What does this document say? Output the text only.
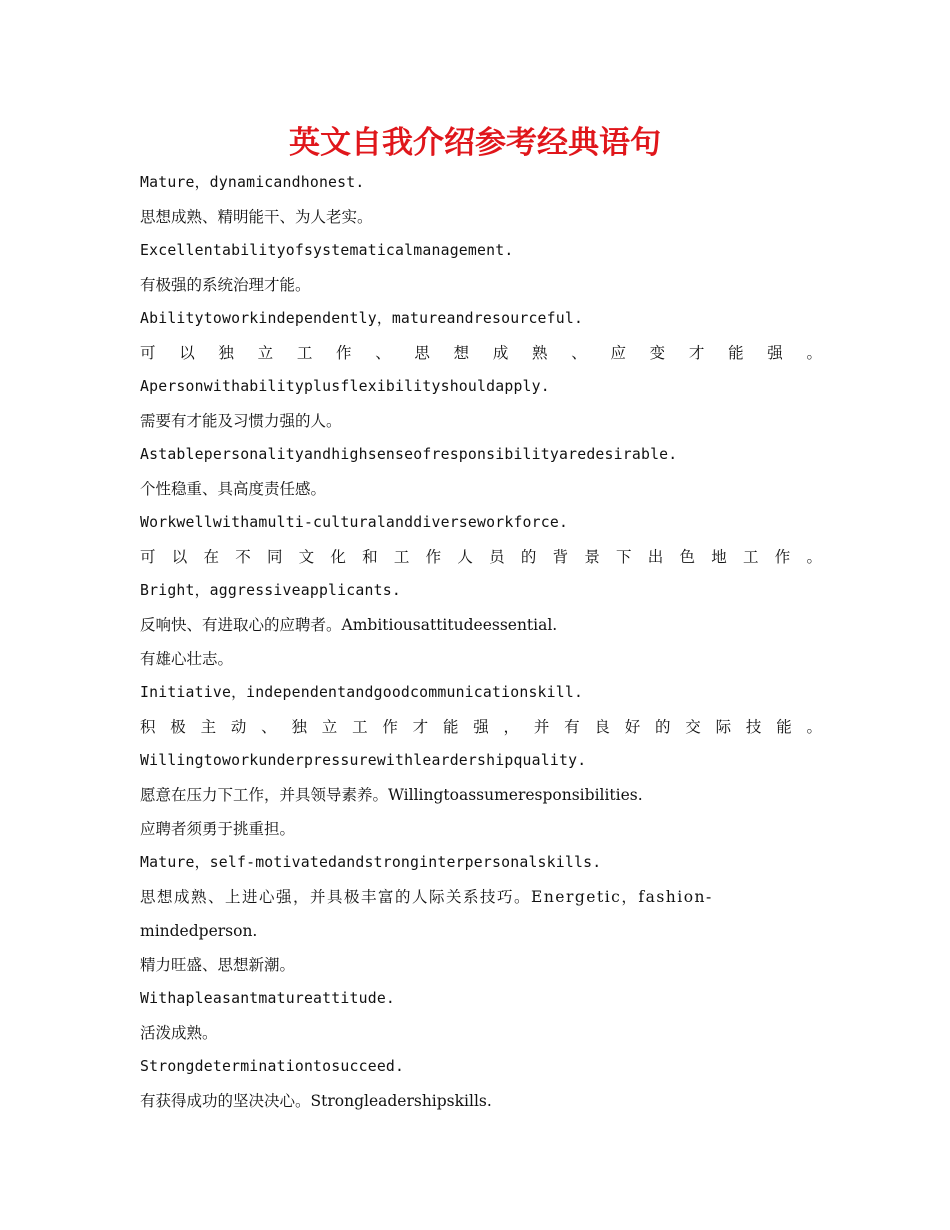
英文自我介绍参考经典语句
Mature，dynamicandhonest.
思想成熟、精明能干、为人老实。
Excellentabilityofsystematicalmanagement.
有极强的系统治理才能。
Abilitytoworkindependently，matureandresourceful.
可以独立工作、思想成熟、应变才能强。
Apersonwithabilityplusflexibilityshouldapply.
需要有才能及习惯力强的人。
Astablepersonalityandhighsenseofresponsibilityaredesirable.
个性稳重、具高度责任感。
Workwellwithamulti-culturalanddiverseworkforce.
可以在不同文化和工作人员的背景下出色地工作。
Bright，aggressiveapplicants.
反响快、有进取心的应聘者。Ambitiousattitudeessential.
有雄心壮志。
Initiative，independentandgoodcommunicationskill.
积极主动、独立工作才能强，并有良好的交际技能。
Willingtoworkunderpressurewithleardershipquality.
愿意在压力下工作，并具领导素养。Willingtoassumeresponsibilities.
应聘者须勇于挑重担。
Mature，self-motivatedandstronginterpersonalskills.
思想成熟、上进心强，并具极丰富的人际关系技巧。Energetic，fashion-
mindedperson.
精力旺盛、思想新潮。
Withapleasantmatureattitude.
活泼成熟。
Strongdeterminationtosucceed.
有获得成功的坚决决心。Strongleadershipskills.
